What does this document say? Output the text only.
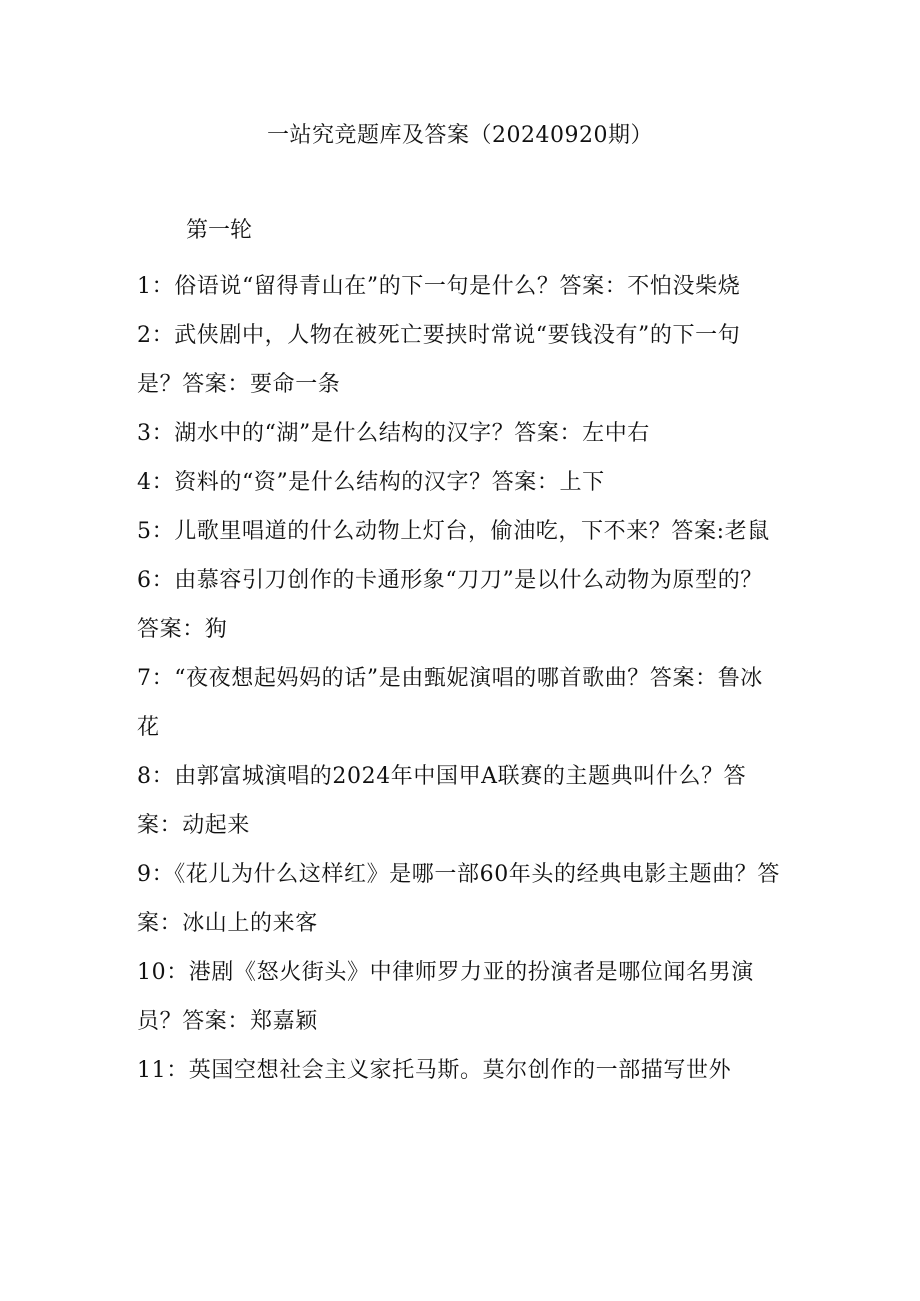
一站究竞题库及答案（20240920期）
第一轮
1：俗语说“留得青山在”的下一句是什么？答案：不怕没柴烧
2：武侠剧中，人物在被死亡要挟时常说“要钱没有”的下一句是？答案：要命一条
3：湖水中的“湖”是什么结构的汉字？答案：左中右
4：资料的“资”是什么结构的汉字？答案：上下
5：儿歌里唱道的什么动物上灯台，偷油吃，下不来？答案:老鼠
6：由慕容引刀创作的卡通形象“刀刀”是以什么动物为原型的？答案：狗
7：“夜夜想起妈妈的话”是由甄妮演唱的哪首歌曲？答案：鲁冰花
8：由郭富城演唱的2024年中国甲A联赛的主题典叫什么？答案：动起来
9：《花儿为什么这样红》是哪一部60年头的经典电影主题曲？答案：冰山上的来客
10：港剧《怒火街头》中律师罗力亚的扮演者是哪位闻名男演员？答案：郑嘉颖
11：英国空想社会主义家托马斯。莫尔创作的一部描写世外
